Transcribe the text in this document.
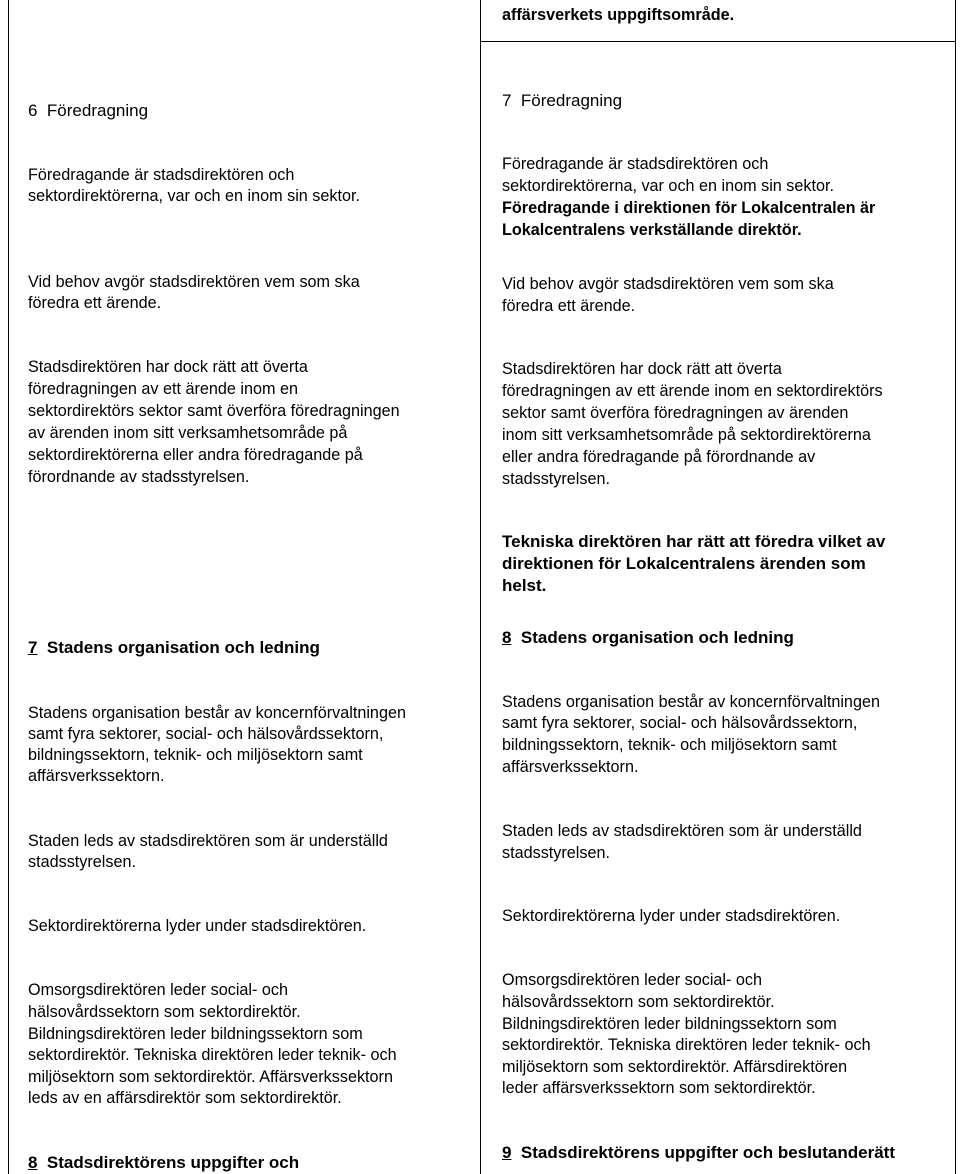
affärsverkets uppgiftsområde.

6 Föredragning

Föredragande är stadsdirektören och

sektordirektörerna, var och en inom sin sektor.

Vid behov avgör stadsdirektören vem som ska

föredra ett ärende.

Stadsdirektören har dock rätt att överta

föredragningen av ett ärende inom en

sektordirektörs sektor samt överföra föredragningen

av ärenden inom sitt verksamhetsområde på

sektordirektörerna eller andra föredragande på

förordnande av stadsstyrelsen.

7 Stadens organisation och ledning

Stadens organisation består av koncernförvaltningen

samt fyra sektorer, social- och hälsovårdssektorn,

bildningssektorn, teknik- och miljösektorn samt

affärsverkssektorn.

Staden leds av stadsdirektören som är underställd

stadsstyrelsen.

Sektordirektörerna lyder under stadsdirektören.

Omsorgsdirektören leder social- och

hälsovårdssektorn som sektordirektör.

Bildningsdirektören leder bildningssektorn som

sektordirektör. Tekniska direktören leder teknik- och

miljösektorn som sektordirektör. Affärsverkssektorn

leds av en affärsdirektör som sektordirektör.

8 Stadsdirektörens uppgifter och

7 Föredragning

Föredragande är stadsdirektören och

sektordirektörerna, var och en inom sin sektor.

Föredragande i direktionen för Lokalcentralen är

Lokalcentralens verkställande direktör.

Vid behov avgör stadsdirektören vem som ska

föredra ett ärende.

Stadsdirektören har dock rätt att överta

föredragningen av ett ärende inom en sektordirektörs

sektor samt överföra föredragningen av ärenden

inom sitt verksamhetsområde på sektordirektörerna

eller andra föredragande på förordnande av

stadsstyrelsen.

Tekniska direktören har rätt att föredra vilket av

direktionen för Lokalcentralens ärenden som

helst.

8 Stadens organisation och ledning

Stadens organisation består av koncernförvaltningen

samt fyra sektorer, social- och hälsovårdssektorn,

bildningssektorn, teknik- och miljösektorn samt

affärsverkssektorn.

Staden leds av stadsdirektören som är underställd

stadsstyrelsen.

Sektordirektörerna lyder under stadsdirektören.

Omsorgsdirektören leder social- och

hälsovårdssektorn som sektordirektör.

Bildningsdirektören leder bildningssektorn som

sektordirektör. Tekniska direktören leder teknik- och

miljösektorn som sektordirektör. Affärsdirektören

leder affärsverkssektorn som sektordirektör.

9 Stadsdirektörens uppgifter och beslutanderätt
